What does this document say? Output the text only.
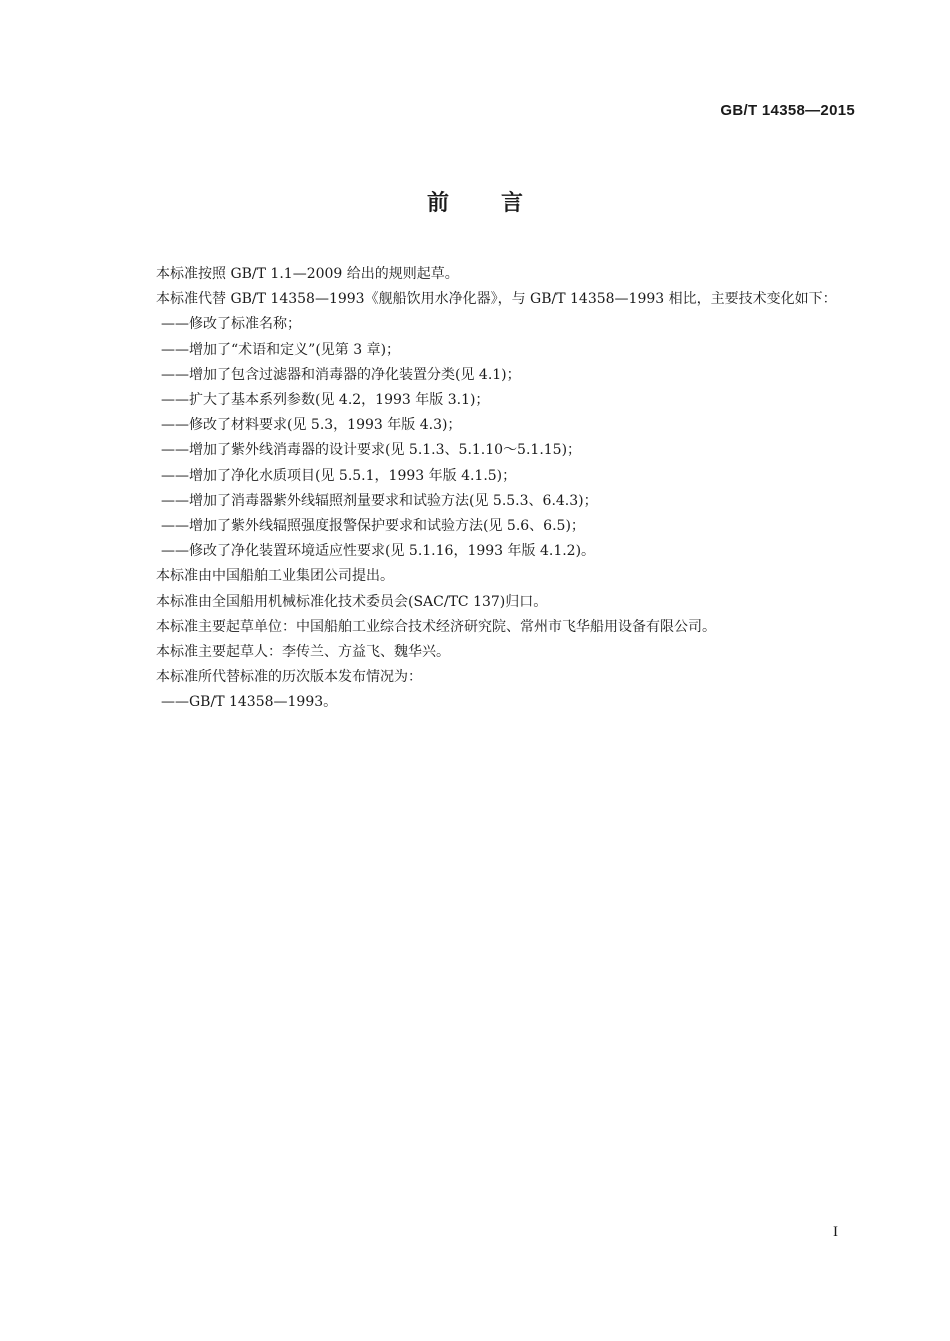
GB/T 14358—2015
前言

本标准按照 GB/T 1.1—2009 给出的规则起草。

本标准代替 GB/T 14358—1993《舰船饮用水净化器》，与 GB/T 14358—1993 相比，主要技术变化如下：

——修改了标准名称；

——增加了“术语和定义”(见第 3 章)；

——增加了包含过滤器和消毒器的净化装置分类(见 4.1)；

——扩大了基本系列参数(见 4.2，1993 年版 3.1)；

——修改了材料要求(见 5.3，1993 年版 4.3)；

——增加了紫外线消毒器的设计要求(见 5.1.3、5.1.10～5.1.15)；

——增加了净化水质项目(见 5.5.1，1993 年版 4.1.5)；

——增加了消毒器紫外线辐照剂量要求和试验方法(见 5.5.3、6.4.3)；

——增加了紫外线辐照强度报警保护要求和试验方法(见 5.6、6.5)；

——修改了净化装置环境适应性要求(见 5.1.16，1993 年版 4.1.2)。

本标准由中国船舶工业集团公司提出。

本标准由全国船用机械标准化技术委员会(SAC/TC 137)归口。

本标准主要起草单位：中国船舶工业综合技术经济研究院、常州市飞华船用设备有限公司。

本标准主要起草人：李传兰、方益飞、魏华兴。

本标准所代替标准的历次版本发布情况为：

——GB/T 14358—1993。

I
